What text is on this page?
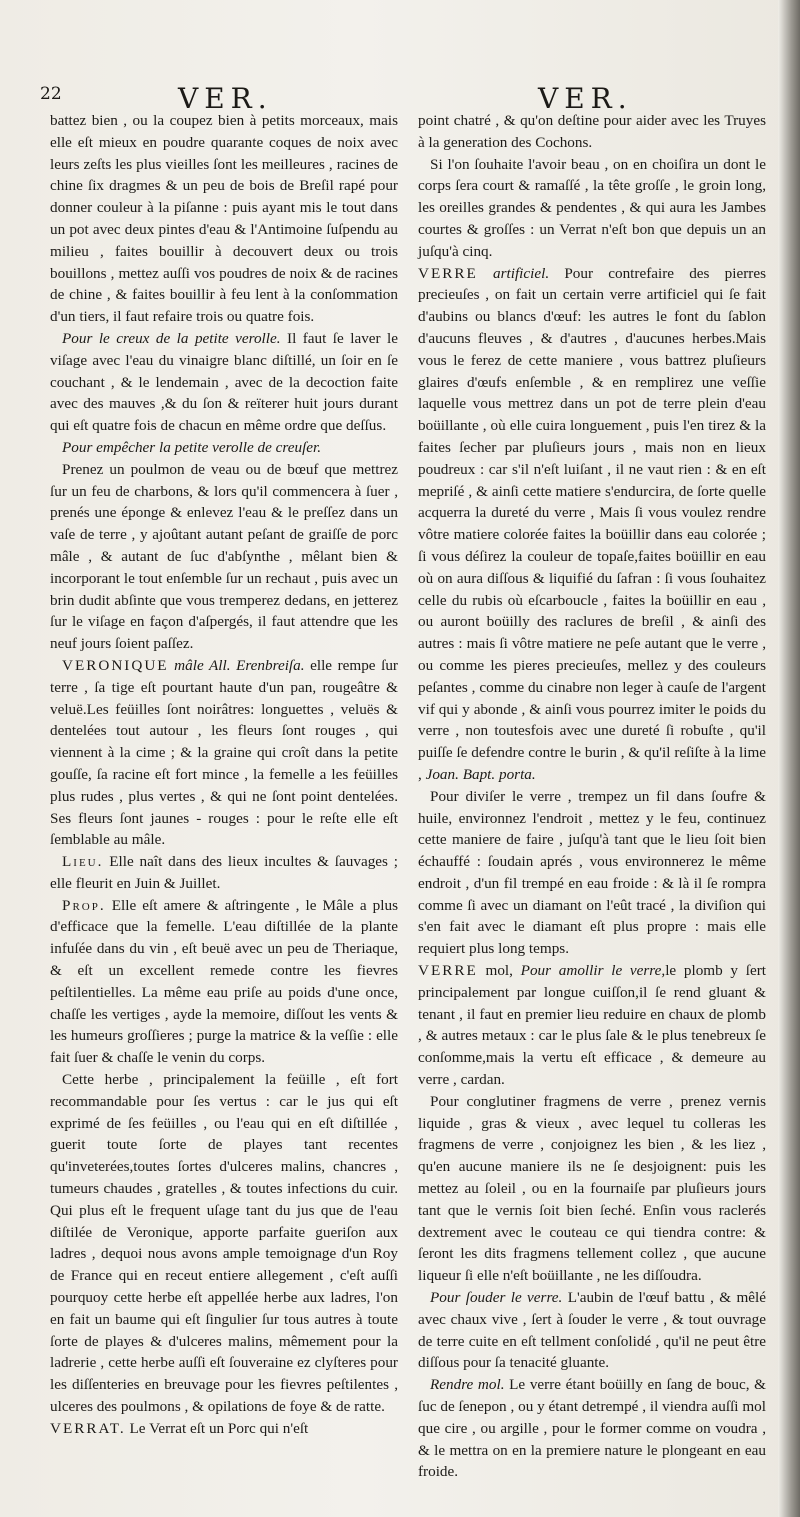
22	VER.	VER.

battez bien , ou la coupez bien à petits morceaux, mais elle eſt mieux en poudre quarante coques de noix avec leurs zeſts les plus vieilles ſont les meilleures , racines de chine ſix dragmes & un peu de bois de Breſil rapé pour donner couleur à la piſanne : puis ayant mis le tout dans un pot avec deux pintes d'eau & l'Antimoine ſuſpendu au milieu , faites bouillir à decouvert deux ou trois bouillons , mettez auſſi vos poudres de noix & de racines de chine , & faites bouillir à feu lent à la conſommation d'un tiers, il faut refaire trois ou quatre fois.

Pour le creux de la petite verolle. Il faut ſe laver le viſage avec l'eau du vinaigre blanc diſtillé, un ſoir en ſe couchant , & le lendemain , avec de la decoction faite avec des mauves ,& du ſon & reïterer huit jours durant qui eſt quatre fois de chacun en même ordre que deſſus.

Pour empêcher la petite verolle de creuſer.

Prenez un poulmon de veau ou de bœuf que mettrez ſur un feu de charbons, & lors qu'il commencera à ſuer , prenés une éponge & enlevez l'eau & le preſſez dans un vaſe de terre , y ajoûtant autant peſant de graiſſe de porc mâle , & autant de ſuc d'abſynthe , mêlant bien & incorporant le tout enſemble ſur un rechaut , puis avec un brin dudit abſinte que vous tremperez dedans, en jetterez ſur le viſage en façon d'aſpergés, il faut attendre que les neuf jours ſoient paſſez.

VERONIQUE mâle All. Erenbreiſa. elle rempe ſur terre , ſa tige eſt pourtant haute d'un pan, rougeâtre & veluë.Les feüilles ſont noirâtres: longuettes , veluës & dentelées tout autour , les fleurs ſont rouges , qui viennent à la cime ; & la graine qui croît dans la petite gouſſe, ſa racine eſt fort mince , la femelle a les feüilles plus rudes , plus vertes , & qui ne ſont point dentelées. Ses fleurs ſont jaunes - rouges : pour le reſte elle eſt ſemblable au mâle.

Lieu. Elle naît dans des lieux incultes & ſauvages ; elle fleurit en Juin & Juillet.

Prop. Elle eſt amere & aſtringente , le Mâle a plus d'efficace que la femelle. L'eau diſtillée de la plante infuſée dans du vin , eſt beuë avec un peu de Theriaque, & eſt un excellent remede contre les fievres peſtilentielles. La même eau priſe au poids d'une once, chaſſe les vertiges , ayde la memoire, diſſout les vents & les humeurs groſſieres ; purge la matrice & la veſſie : elle fait ſuer & chaſſe le venin du corps.

Cette herbe , principalement la feüille , eſt fort recommandable pour ſes vertus : car le jus qui eſt exprimé de ſes feüilles , ou l'eau qui en eſt diſtillée , guerit toute ſorte de playes tant recentes qu'inveterées,toutes ſortes d'ulceres malins, chancres , tumeurs chaudes , gratelles , & toutes infections du cuir. Qui plus eſt le frequent uſage tant du jus que de l'eau diſtilée de Veronique, apporte parfaite gueriſon aux ladres , dequoi nous avons ample temoignage d'un Roy de France qui en receut entiere allegement , c'eſt auſſi pourquoy cette herbe eſt appellée herbe aux ladres, l'on en fait un baume qui eſt ſingulier ſur tous autres à toute ſorte de playes & d'ulceres malins, mêmement pour la ladrerie , cette herbe auſſi eſt ſouveraine ez clyſteres pour les diſſenteries en breuvage pour les fievres peſtilentes , ulceres des poulmons , & opilations de foye & de ratte.

VERRAT. Le Verrat eſt un Porc qui n'eſt

point chatré , & qu'on deſtine pour aider avec les Truyes à la generation des Cochons.

Si l'on ſouhaite l'avoir beau , on en choiſira un dont le corps ſera court & ramaſſé , la tête groſſe , le groin long, les oreilles grandes & pendentes , & qui aura les Jambes courtes & groſſes : un Verrat n'eſt bon que depuis un an juſqu'à cinq.

VERRE artificiel. Pour contrefaire des pierres precieuſes , on fait un certain verre artificiel qui ſe fait d'aubins ou blancs d'œuf: les autres le font du ſablon d'aucuns fleuves , & d'autres , d'aucunes herbes.Mais vous le ferez de cette maniere , vous battrez pluſieurs glaires d'œufs enſemble , & en remplirez une veſſie laquelle vous mettrez dans un pot de terre plein d'eau boüillante , où elle cuira longuement , puis l'en tirez & la faites ſecher par pluſieurs jours , mais non en lieux poudreux : car s'il n'eſt luiſant , il ne vaut rien : & en eſt mepriſé , & ainſi cette matiere s'endurcira, de ſorte quelle acquerra la dureté du verre , Mais ſi vous voulez rendre vôtre matiere colorée faites la boüillir dans eau colorée ; ſi vous déſirez la couleur de topaſe,faites boüillir en eau où on aura diſſous & liquifié du ſafran : ſi vous ſouhaitez celle du rubis où eſcarboucle , faites la boüillir en eau , ou auront boüilly des raclures de breſil , & ainſi des autres : mais ſi vôtre matiere ne peſe autant que le verre , ou comme les pieres precieuſes, mellez y des couleurs peſantes , comme du cinabre non leger à cauſe de l'argent vif qui y abonde , & ainſi vous pourrez imiter le poids du verre , non toutesfois avec une dureté ſi robuſte , qu'il puiſſe ſe defendre contre le burin , & qu'il reſiſte à la lime , Joan. Bapt. porta.

Pour diviſer le verre , trempez un fil dans ſoufre & huile, environnez l'endroit , mettez y le feu, continuez cette maniere de faire , juſqu'à tant que le lieu ſoit bien échauffé : ſoudain aprés , vous environnerez le même endroit , d'un fil trempé en eau froide : & là il ſe rompra comme ſi avec un diamant on l'eût tracé , la diviſion qui s'en fait avec le diamant eſt plus propre : mais elle requiert plus long temps.

VERRE mol, Pour amollir le verre,le plomb y ſert principalement par longue cuiſſon,il ſe rend gluant & tenant , il faut en premier lieu reduire en chaux de plomb , & autres metaux : car le plus ſale & le plus tenebreux ſe conſomme,mais la vertu eſt efficace , & demeure au verre , cardan.

Pour conglutiner fragmens de verre , prenez vernis liquide , gras & vieux , avec lequel tu colleras les fragmens de verre , conjoignez les bien , & les liez , qu'en aucune maniere ils ne ſe desjoignent: puis les mettez au ſoleil , ou en la fournaiſe par pluſieurs jours tant que le vernis ſoit bien ſeché. Enſin vous raclerés dextrement avec le couteau ce qui tiendra contre: & ſeront les dits fragmens tellement collez , que aucune liqueur ſi elle n'eſt boüillante , ne les diſſoudra.

Pour ſouder le verre. L'aubin de l'œuf battu , & mêlé avec chaux vive , ſert à ſouder le verre , & tout ouvrage de terre cuite en eſt tellment conſolidé , qu'il ne peut être diſſous pour ſa tenacité gluante.

Rendre mol. Le verre étant boüilly en ſang de bouc, & ſuc de ſenepon , ou y étant detrempé , il viendra auſſi mol que cire , ou argille , pour le former comme on voudra , & le mettra on en la premiere nature le plongeant en eau froide.
